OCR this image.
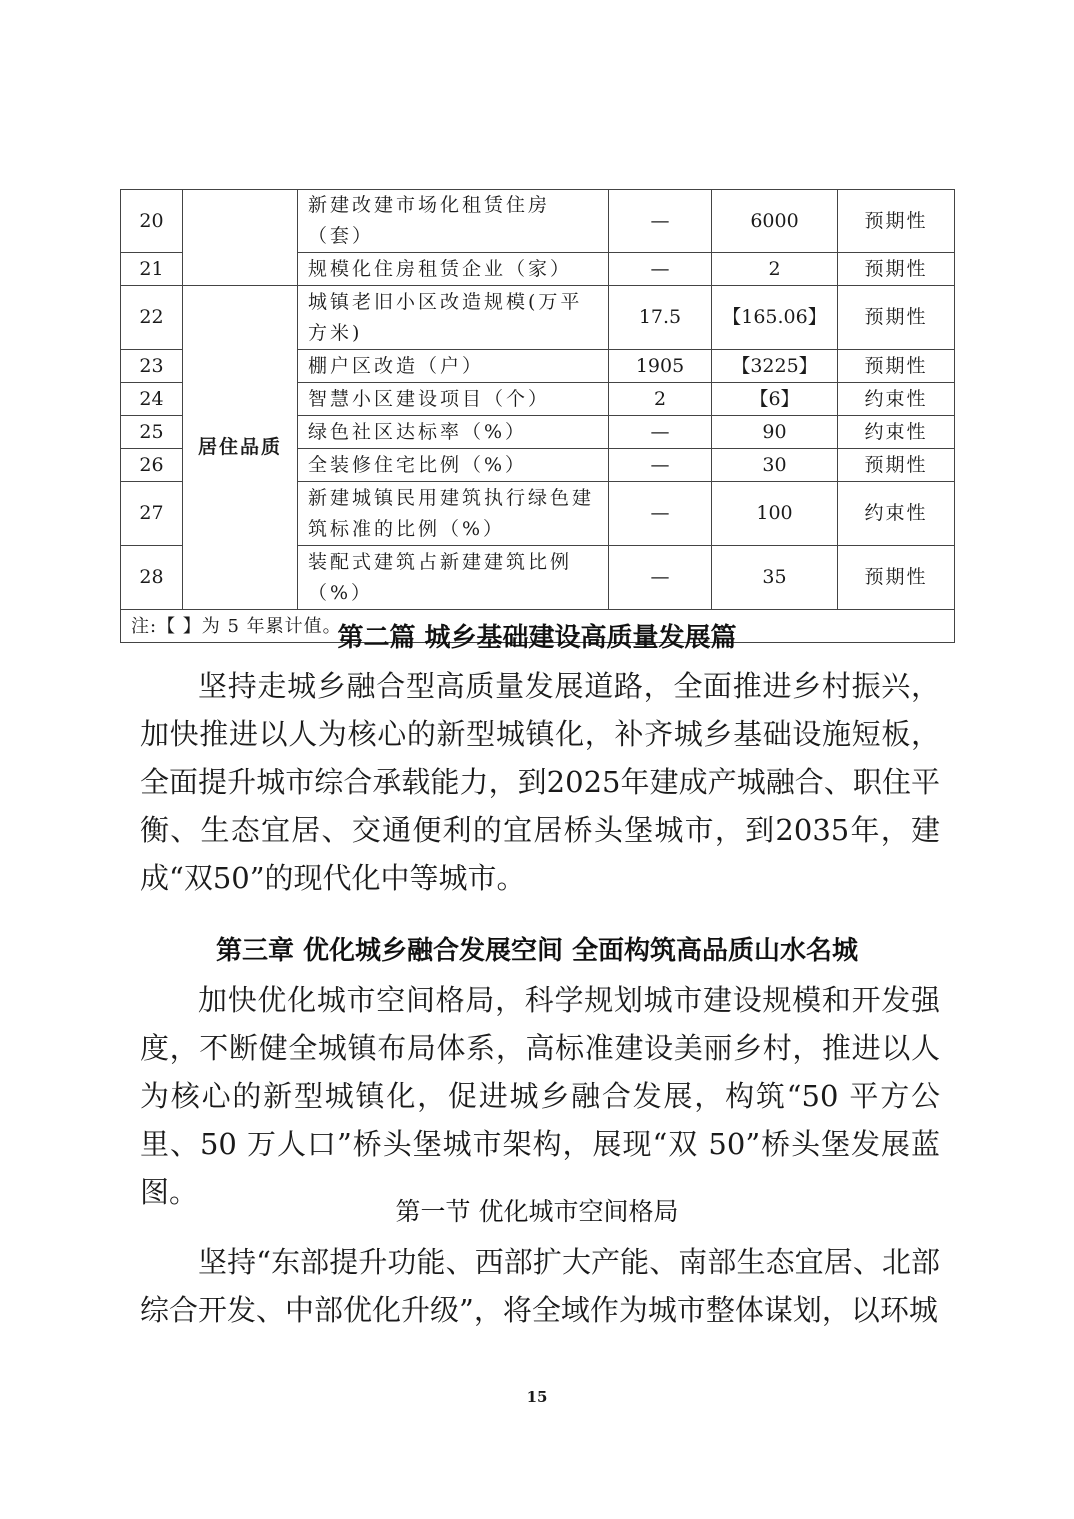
20		新建改建市场化租赁住房（套）	—	6000	预期性
21		规模化住房租赁企业（家）	—	2	预期性
22	居住品质	城镇老旧小区改造规模(万平方米)	17.5	【165.06】	预期性
23		棚户区改造（户）	1905	【3225】	预期性
24		智慧小区建设项目（个）	2	【6】	约束性
25		绿色社区达标率（%）	—	90	约束性
26		全装修住宅比例（%）	—	30	预期性
27		新建城镇民用建筑执行绿色建筑标准的比例（%）	—	100	约束性
28		装配式建筑占新建建筑比例（%）	—	35	预期性
注:【 】为 5 年累计值。					
第二篇 城乡基础建设高质量发展篇

坚持走城乡融合型高质量发展道路，全面推进乡村振兴，加快推进以人为核心的新型城镇化，补齐城乡基础设施短板，全面提升城市综合承载能力，到2025年建成产城融合、职住平衡、生态宜居、交通便利的宜居桥头堡城市，到2035年，建成“双50”的现代化中等城市。

第三章 优化城乡融合发展空间 全面构筑高品质山水名城

加快优化城市空间格局，科学规划城市建设规模和开发强度，不断健全城镇布局体系，高标准建设美丽乡村，推进以人为核心的新型城镇化，促进城乡融合发展，构筑“50 平方公里、50 万人口”桥头堡城市架构，展现“双 50”桥头堡发展蓝图。

第一节 优化城市空间格局

坚持“东部提升功能、西部扩大产能、南部生态宜居、北部综合开发、中部优化升级”，将全域作为城市整体谋划，以环城

15
